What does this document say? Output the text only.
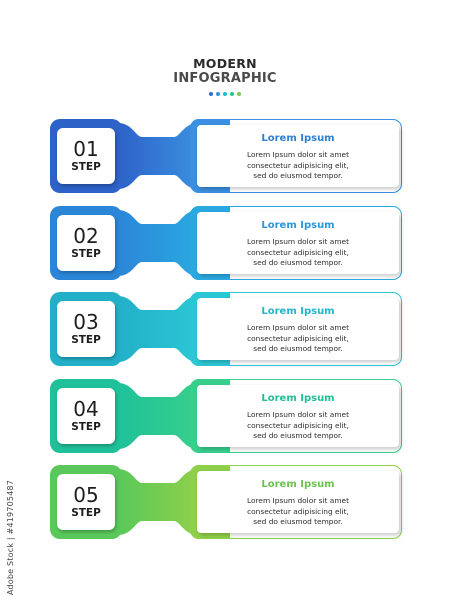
MODERN
INFOGRAPHIC
01
STEP
Lorem Ipsum
Lorem Ipsum dolor sit amet
consectetur adipisicing elit,
sed do eiusmod tempor.
02
STEP
Lorem Ipsum
Lorem Ipsum dolor sit amet
consectetur adipisicing elit,
sed do eiusmod tempor.
03
STEP
Lorem Ipsum
Lorem Ipsum dolor sit amet
consectetur adipisicing elit,
sed do eiusmod tempor.
04
STEP
Lorem Ipsum
Lorem Ipsum dolor sit amet
consectetur adipisicing elit,
sed do eiusmod tempor.
05
STEP
Lorem Ipsum
Lorem Ipsum dolor sit amet
consectetur adipisicing elit,
sed do eiusmod tempor.
Adobe Stock | #419705487
